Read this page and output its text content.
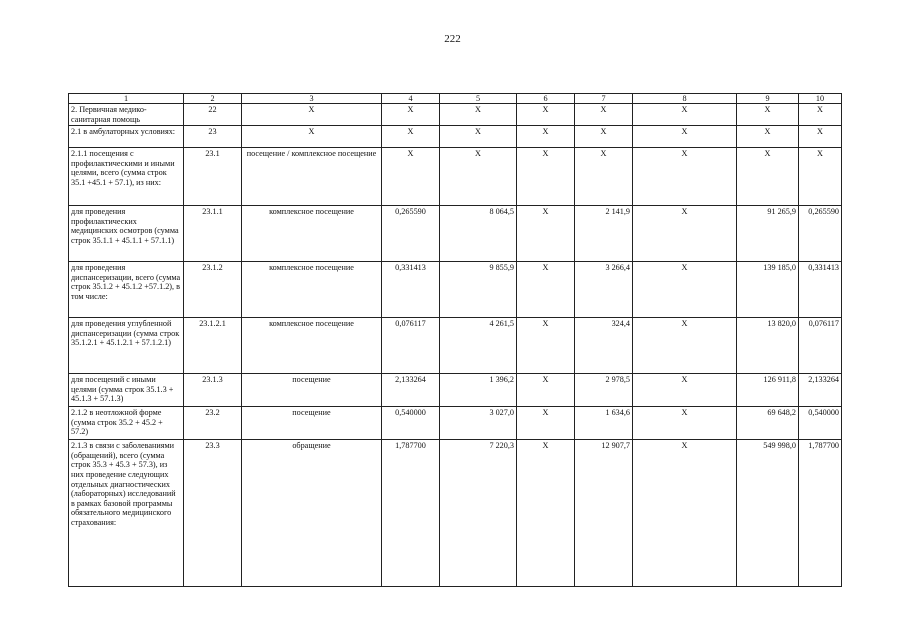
222
1	2	3	4	5	6	7	8	9	10
2. Первичная медико-санитарная помощь	22	Х	Х	Х	Х	Х	Х	Х	Х
2.1 в амбулаторных условиях:	23	Х	Х	Х	Х	Х	Х	Х	Х
2.1.1 посещения с профилактическими и иными целями, всего (сумма строк 35.1 +45.1 + 57.1), из них:	23.1	посещение / комплексное посещение	Х	Х	Х	Х	Х	Х	Х
для проведения профилактических медицинских осмотров (сумма строк 35.1.1 + 45.1.1 + 57.1.1)	23.1.1	комплексное посещение	0,265590	8 064,5	Х	2 141,9	Х	91 265,9	0,265590
для проведения диспансеризации, всего (сумма строк 35.1.2 + 45.1.2 +57.1.2), в том числе:	23.1.2	комплексное посещение	0,331413	9 855,9	Х	3 266,4	Х	139 185,0	0,331413
для проведения углубленной диспансеризации (сумма строк 35.1.2.1 + 45.1.2.1 + 57.1.2.1)	23.1.2.1	комплексное посещение	0,076117	4 261,5	Х	324,4	Х	13 820,0	0,076117
для посещений с иными целями (сумма строк 35.1.3 + 45.1.3 + 57.1.3)	23.1.3	посещение	2,133264	1 396,2	Х	2 978,5	Х	126 911,8	2,133264
2.1.2 в неотложной форме (сумма строк 35.2 + 45.2 + 57.2)	23.2	посещение	0,540000	3 027,0	Х	1 634,6	Х	69 648,2	0,540000
2.1.3 в связи с заболеваниями (обращений), всего (сумма строк 35.3 + 45.3 + 57.3), из них проведение следующих отдельных диагностических (лабораторных) исследований в рамках базовой программы обязательного медицинского страхования:	23.3	обращение	1,787700	7 220,3	Х	12 907,7	Х	549 998,0	1,787700
